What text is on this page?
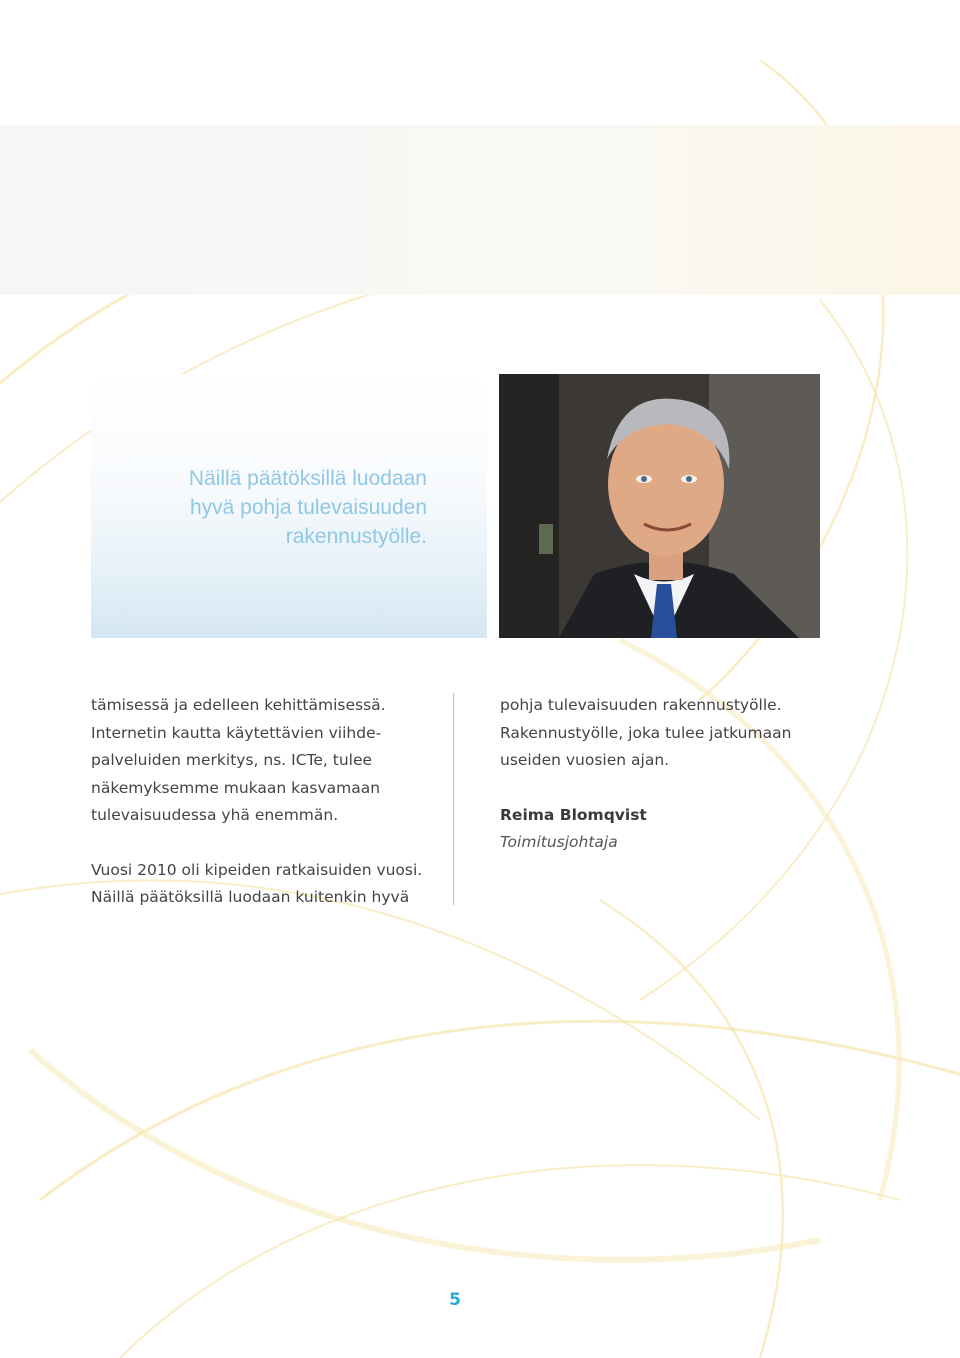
Näillä päätöksillä luodaan
hyvä pohja tulevaisuuden
rakennustyölle.

tämisessä ja edelleen kehittämisessä.
Internetin kautta käytettävien viihde-
palveluiden merkitys, ns. ICTe, tulee
näkemyksemme mukaan kasvamaan
tulevaisuudessa yhä enemmän.

Vuosi 2010 oli kipeiden ratkaisuiden vuosi.
Näillä päätöksillä luodaan kuitenkin hyvä

pohja tulevaisuuden rakennustyölle.
Rakennustyölle, joka tulee jatkumaan
useiden vuosien ajan.

Reima Blomqvist

Toimitusjohtaja

5
